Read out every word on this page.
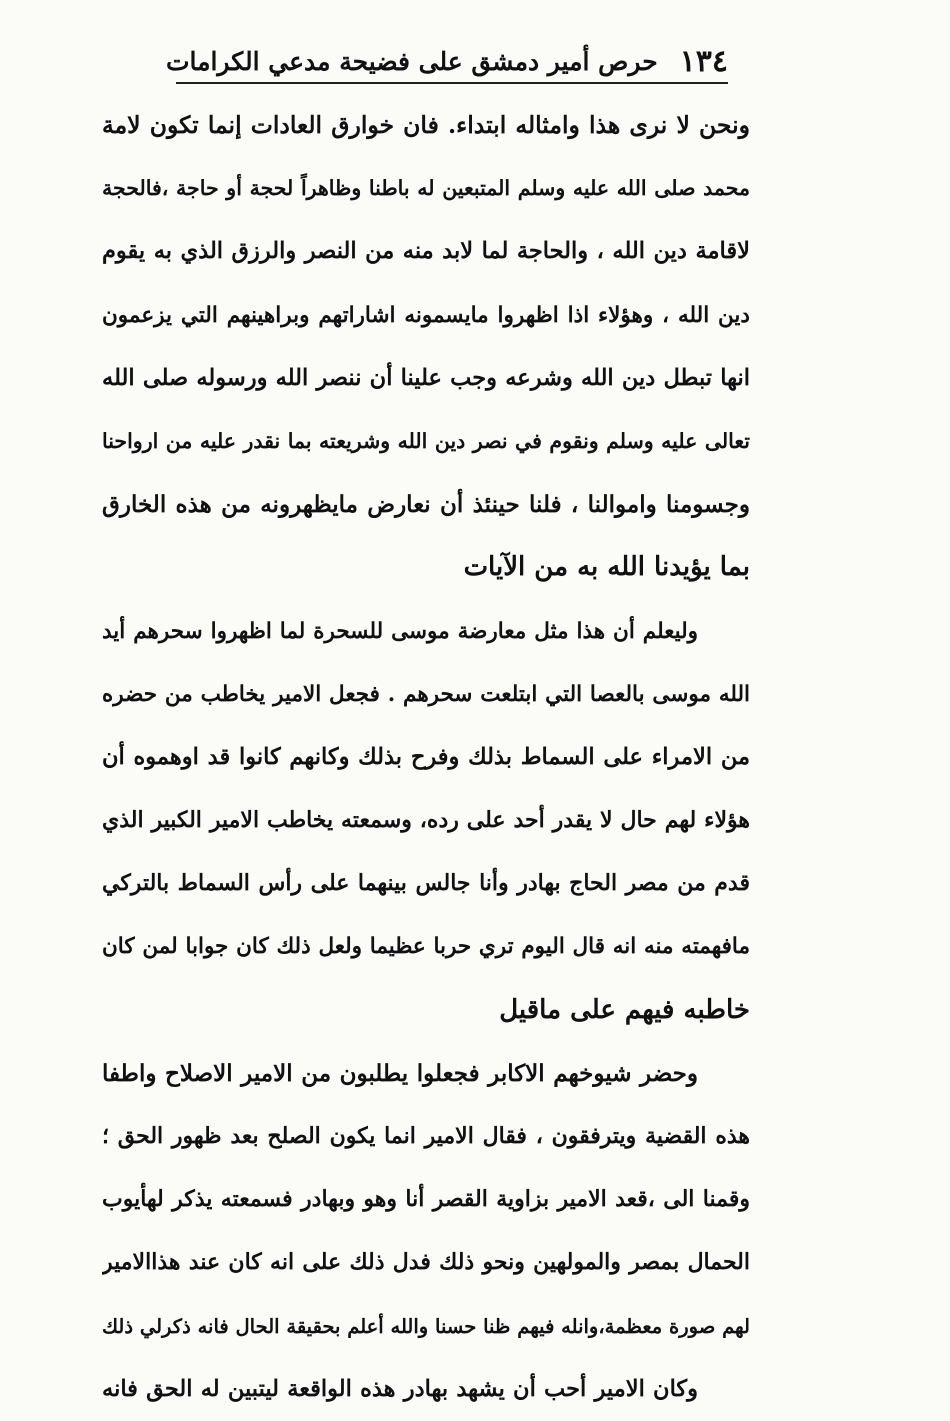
١٣٤
حرص أمير دمشق على فضيحة مدعي الكرامات
ونحن لا نرى هذا وامثاله ابتداء. فان خوارق العادات إنما تكون لامة
محمد صلى الله عليه وسلم المتبعين له باطنا وظاهراً لحجة أو حاجة ،فالحجة
لاقامة دين الله ، والحاجة لما لابد منه من النصر والرزق الذي به يقوم
دين الله ، وهؤلاء اذا اظهروا مايسمونه اشاراتهم وبراهينهم التي يزعمون
انها تبطل دين الله وشرعه وجب علينا أن ننصر الله ورسوله صلى الله
تعالى عليه وسلم ونقوم في نصر دين الله وشريعته بما نقدر عليه من ارواحنا
وجسومنا واموالنا ، فلنا حينئذ أن نعارض مايظهرونه من هذه الخارق
بما يؤيدنا الله به من الآيات
وليعلم أن هذا مثل معارضة موسى للسحرة لما اظهروا سحرهم أيد
الله موسى بالعصا التي ابتلعت سحرهم . فجعل الامير يخاطب من حضره
من الامراء على السماط بذلك وفرح بذلك وكانهم كانوا قد اوهموه أن
هؤلاء لهم حال لا يقدر أحد على رده، وسمعته يخاطب الامير الكبير الذي
قدم من مصر الحاج بهادر وأنا جالس بينهما على رأس السماط بالتركي
مافهمته منه انه قال اليوم تري حربا عظيما ولعل ذلك كان جوابا لمن كان
خاطبه فيهم على ماقيل
وحضر شيوخهم الاكابر فجعلوا يطلبون من الامير الاصلاح واطفا
هذه القضية ويترفقون ، فقال الامير انما يكون الصلح بعد ظهور الحق ؛
وقمنا الى ،قعد الامير بزاوية القصر أنا وهو وبهادر فسمعته يذكر لهأيوب
الحمال بمصر والمولهين ونحو ذلك فدل ذلك على انه كان عند هذاالامير
لهم صورة معظمة،وانله فيهم ظنا حسنا والله أعلم بحقيقة الحال فانه ذكرلي ذلك
وكان الامير أحب أن يشهد بهادر هذه الواقعة ليتبين له الحق فانه
